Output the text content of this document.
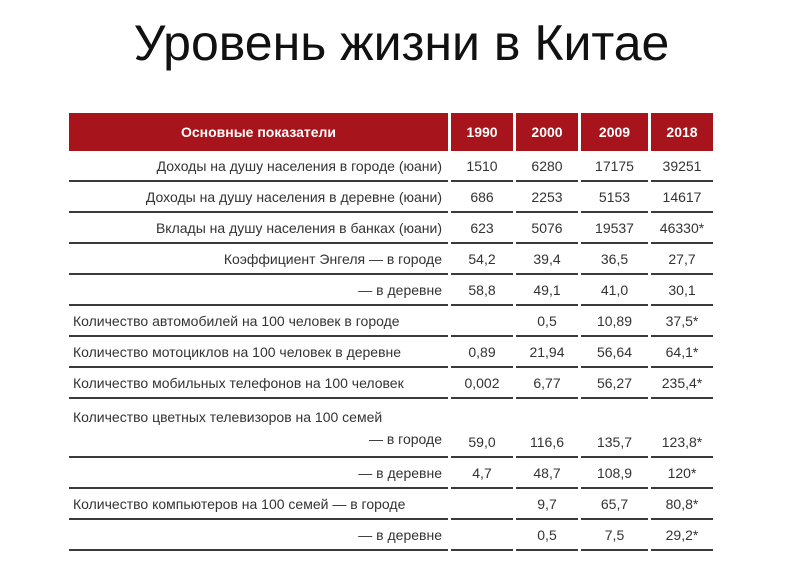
Уровень жизни в Китае
Основные показатели	1990	2000	2009	2018
Доходы на душу населения в городе (юани)	1510	6280	17175	39251
Доходы на душу населения в деревне (юани)	686	2253	5153	14617
Вклады на душу населения в банках (юани)	623	5076	19537	46330*
Коэффициент Энгеля — в городе	54,2	39,4	36,5	27,7
— в деревне	58,8	49,1	41,0	30,1
Количество автомобилей на 100 человек в городе		0,5	10,89	37,5*
Количество мотоциклов на 100 человек в деревне	0,89	21,94	56,64	64,1*
Количество мобильных телефонов на 100 человек	0,002	6,77	56,27	235,4*

Количество цветных телевизоров на 100 семей
— в городе	59,0	116,6	135,7	123,8*
— в деревне	4,7	48,7	108,9	120*
Количество компьютеров на 100 семей — в городе		9,7	65,7	80,8*
— в деревне		0,5	7,5	29,2*
